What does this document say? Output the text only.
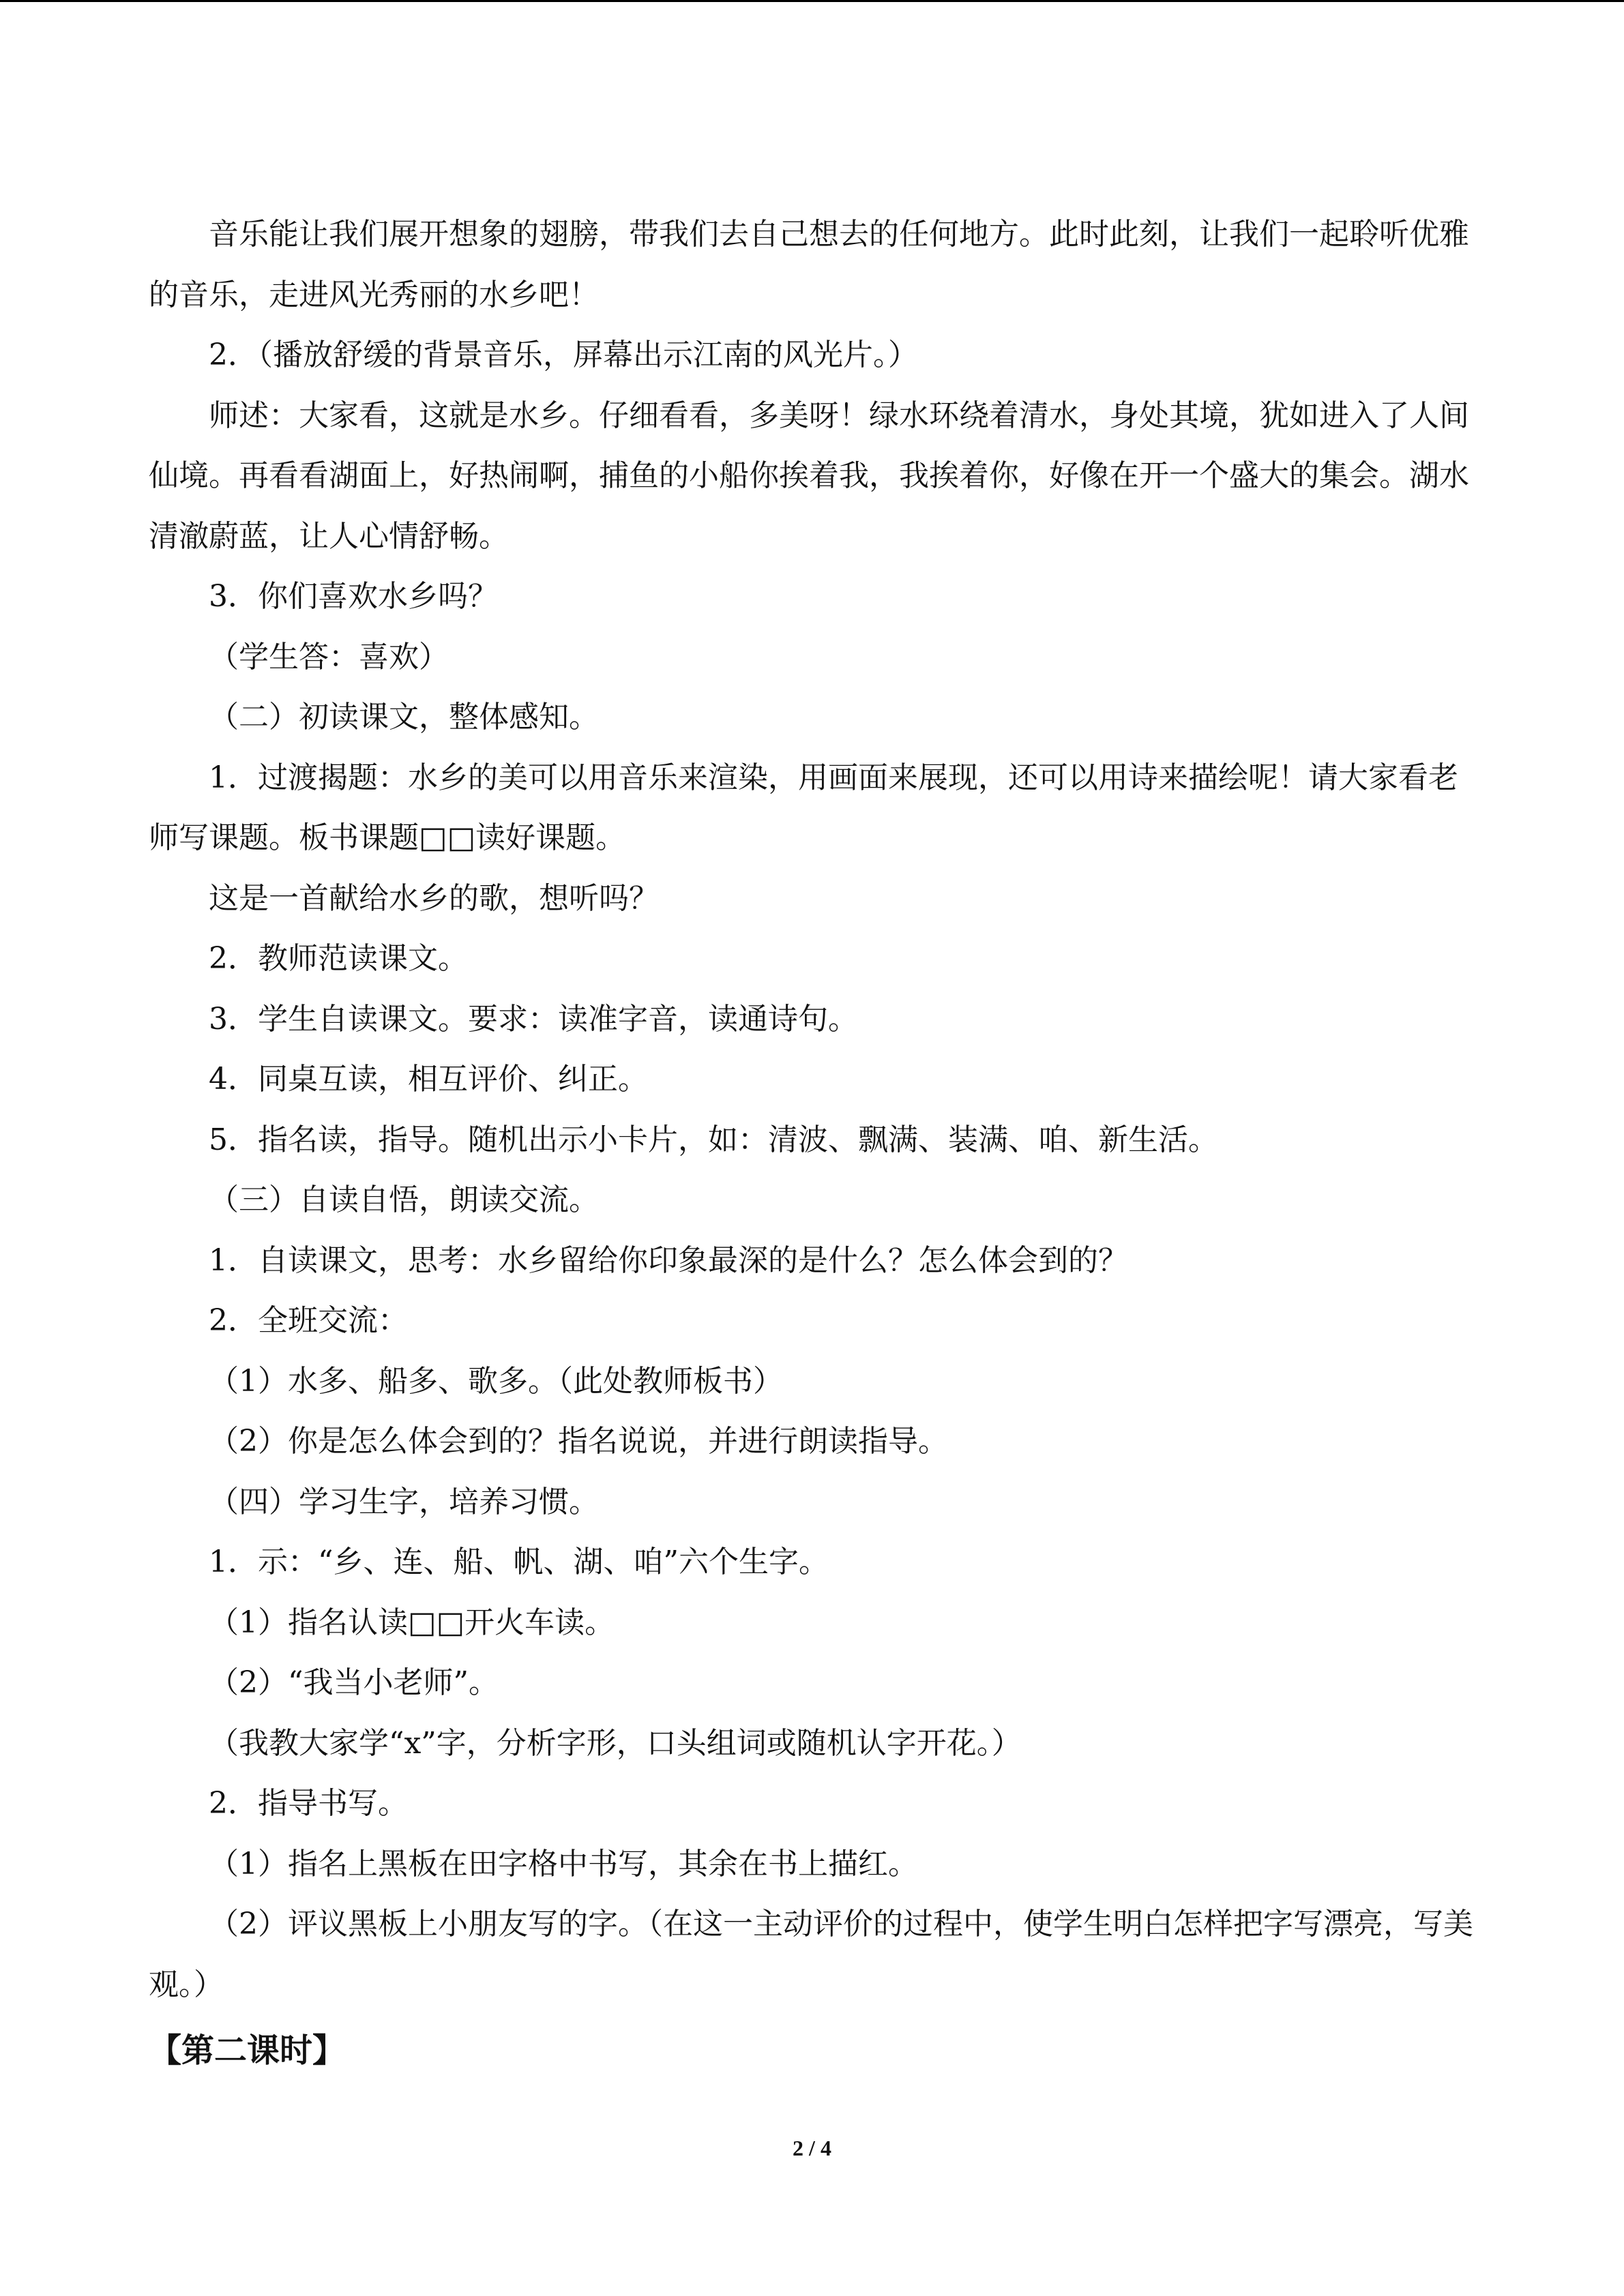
音乐能让我们展开想象的翅膀，带我们去自己想去的任何地方。此时此刻，让我们一起聆听优雅的音乐，走进风光秀丽的水乡吧！

2．（播放舒缓的背景音乐，屏幕出示江南的风光片。）

师述：大家看，这就是水乡。仔细看看，多美呀！绿水环绕着清水，身处其境，犹如进入了人间仙境。再看看湖面上，好热闹啊，捕鱼的小船你挨着我，我挨着你，好像在开一个盛大的集会。湖水清澈蔚蓝，让人心情舒畅。

3．你们喜欢水乡吗？

（学生答：喜欢）

（二）初读课文，整体感知。

1．过渡揭题：水乡的美可以用音乐来渲染，用画面来展现，还可以用诗来描绘呢！请大家看老师写课题。板书课题□□读好课题。

这是一首献给水乡的歌，想听吗？

2．教师范读课文。

3．学生自读课文。要求：读准字音，读通诗句。

4．同桌互读，相互评价、纠正。

5．指名读，指导。随机出示小卡片，如：清波、飘满、装满、咱、新生活。

（三）自读自悟，朗读交流。

1．自读课文，思考：水乡留给你印象最深的是什么？怎么体会到的？

2．全班交流：

（1）水多、船多、歌多。（此处教师板书）

（2）你是怎么体会到的？指名说说，并进行朗读指导。

（四）学习生字，培养习惯。

1．示：“乡、连、船、帆、湖、咱”六个生字。

（1）指名认读□□开火车读。

（2）“我当小老师”。

（我教大家学“x”字，分析字形，口头组词或随机认字开花。）

2．指导书写。

（1）指名上黑板在田字格中书写，其余在书上描红。

（2）评议黑板上小朋友写的字。（在这一主动评价的过程中，使学生明白怎样把字写漂亮，写美观。）

【第二课时】
2 / 4
